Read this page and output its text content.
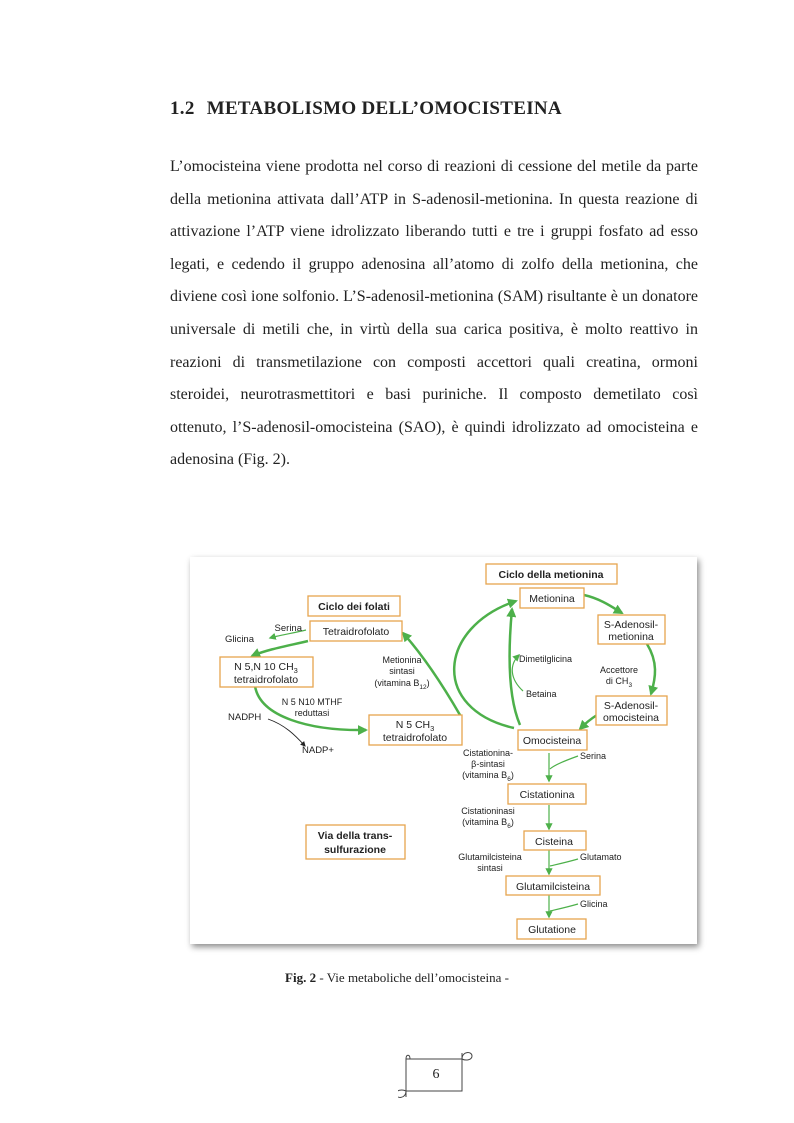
1.2 METABOLISMO DELL’OMOCISTEINA
L’omocisteina viene prodotta nel corso di reazioni di cessione del metile da parte della metionina attivata dall’ATP in S-adenosil-metionina. In questa reazione di attivazione l’ATP viene idrolizzato liberando tutti e tre i gruppi fosfato ad esso legati, e cedendo il gruppo adenosina all’atomo di zolfo della metionina, che diviene così ione solfonio. L’S-adenosil-metionina (SAM) risultante è un donatore universale di metili che, in virtù della sua carica positiva, è molto reattivo in reazioni di transmetilazione con composti accettori quali creatina, ormoni steroidei, neurotrasmettitori e basi puriniche. Il composto demetilato così ottenuto, l’S-adenosil-omocisteina (SAO), è quindi idrolizzato ad omocisteina e adenosina (Fig. 2).
Ciclo dei folati
Ciclo della metionina
Via della trans-
sulfurazione
Tetraidrofolato
N 5,N 10 $CH_3$
tetraidrofolato
N 5 $CH_3$
tetraidrofolato
Metionina
S-Adenosil-
metionina
S-Adenosil-
omocisteina
Omocisteina
Cistationina
Cisteina
Glutamilcisteina
Glutatione
Serina
Glicina
N 5 N10 MTHF
reduttasi
NADPH
NADP+
Metionina
sintasi
(vitamina $B_{12}$)
Dimetilglicina
Betaina
Accettore
di $CH_3$
Cistationina-
β-sintasi
(vitamina $B_6$)
Serina
Cistationinasi
(vitamina $B_6$)
Glutamilcisteina
sintasi
Glutamato
Glicina
Fig. 2 - Vie metaboliche dell’omocisteina -
6
